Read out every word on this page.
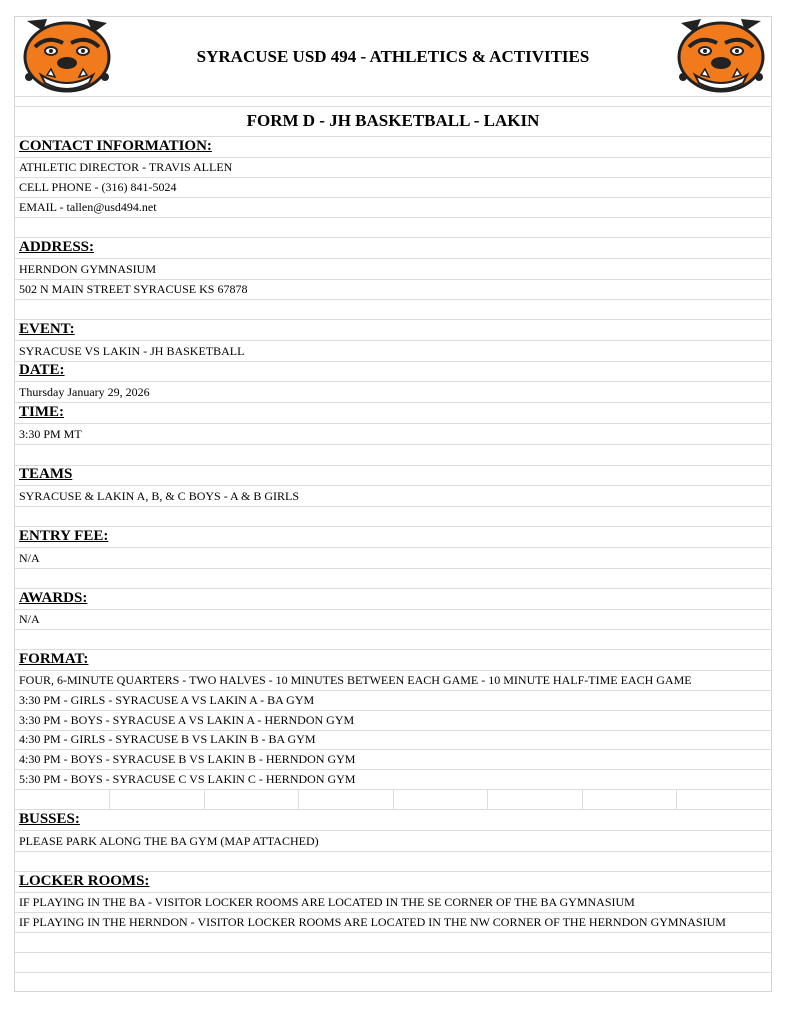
SYRACUSE USD 494 - ATHLETICS & ACTIVITIES
FORM D - JH BASKETBALL - LAKIN
CONTACT INFORMATION:
ATHLETIC DIRECTOR - TRAVIS ALLEN
CELL PHONE - (316) 841-5024
EMAIL - tallen@usd494.net
ADDRESS:
HERNDON GYMNASIUM
502 N MAIN STREET SYRACUSE KS 67878
EVENT:
SYRACUSE VS LAKIN - JH BASKETBALL
DATE:
Thursday January 29, 2026
TIME:
3:30 PM MT
TEAMS
SYRACUSE & LAKIN A, B, & C BOYS - A & B GIRLS
ENTRY FEE:
N/A
AWARDS:
N/A
FORMAT:
FOUR, 6-MINUTE QUARTERS - TWO HALVES - 10 MINUTES BETWEEN EACH GAME - 10 MINUTE HALF-TIME EACH GAME
3:30 PM - GIRLS - SYRACUSE A VS LAKIN A - BA GYM
3:30 PM - BOYS - SYRACUSE A VS LAKIN A - HERNDON GYM
4:30 PM - GIRLS - SYRACUSE B VS LAKIN B - BA GYM
4:30 PM - BOYS - SYRACUSE B VS LAKIN B - HERNDON GYM
5:30 PM - BOYS - SYRACUSE C VS LAKIN C - HERNDON GYM
BUSSES:
PLEASE PARK ALONG THE BA GYM (MAP ATTACHED)
LOCKER ROOMS:
IF PLAYING IN THE BA - VISITOR LOCKER ROOMS ARE LOCATED IN THE SE CORNER OF THE BA GYMNASIUM
IF PLAYING IN THE HERNDON - VISITOR LOCKER ROOMS ARE LOCATED IN THE NW CORNER OF THE HERNDON GYMNASIUM
